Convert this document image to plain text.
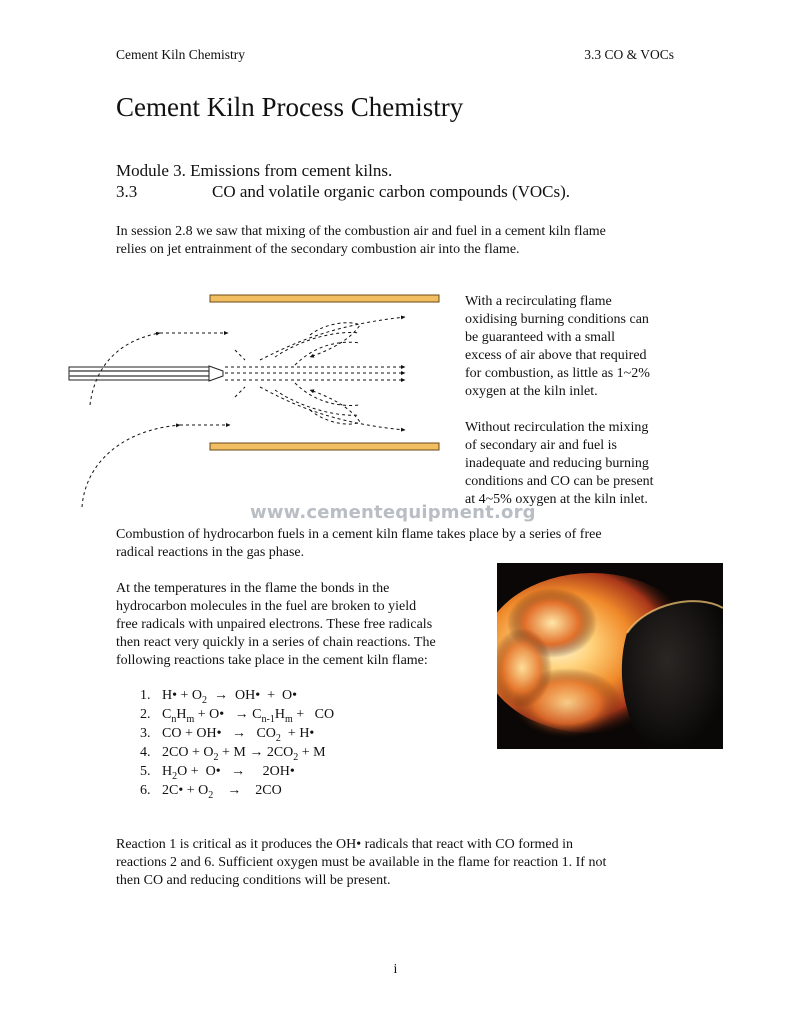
Cement Kiln Chemistry	3.3 CO & VOCs
Cement Kiln Process Chemistry
Module 3. Emissions from cement kilns.
3.3	CO and volatile organic carbon compounds (VOCs).
In session 2.8 we saw that mixing of the combustion air and fuel in a cement kiln flame
relies on jet entrainment of the secondary combustion air into the flame.
With a recirculating flame
oxidising burning conditions can
be guaranteed with a small
excess of air above that required
for combustion, as little as 1~2%
oxygen at the kiln inlet.
Without recirculation the mixing
of secondary air and fuel is
inadequate and reducing burning
conditions and CO can be present
at 4~5% oxygen at the kiln inlet.
www.cementequipment.org
Combustion of hydrocarbon fuels in a cement kiln flame takes place by a series of free
radical reactions in the gas phase.
At the temperatures in the flame the bonds in the
hydrocarbon molecules in the fuel are broken to yield
free radicals with unpaired electrons. These free radicals
then react very quickly in a series of chain reactions. The
following reactions take place in the cement kiln flame:
1. H• + $O_2$  →  OH•  +  O•
2. $C_nH_m$ + O•   → $C_{n-1}H_m$ +   CO
3. CO + OH•   →   $CO_2$  + H•
4. $2CO + O_2 + M \to 2CO_2 + M$
5. $H_2O$ +  O•   →     2OH•
6. 2C• + $O_2$    →    2CO
Reaction 1 is critical as it produces the OH• radicals that react with CO formed in
reactions 2 and 6. Sufficient oxygen must be available in the flame for reaction 1. If not
then CO and reducing conditions will be present.
i
